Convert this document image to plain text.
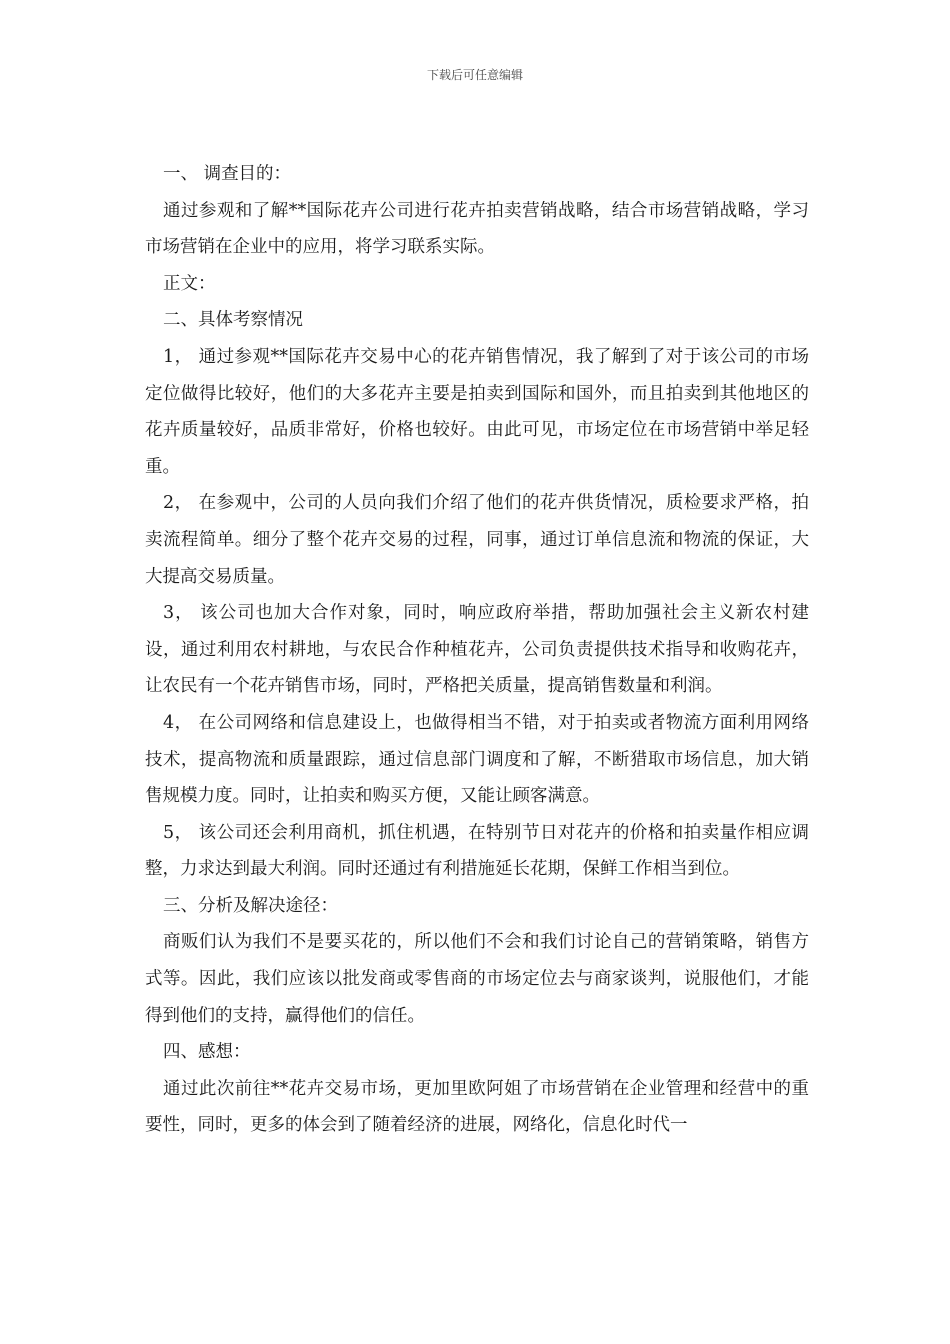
下载后可任意编辑

一、 调查目的：

通过参观和了解**国际花卉公司进行花卉拍卖营销战略，结合市场营销战略，学习市场营销在企业中的应用，将学习联系实际。

正文：

二、具体考察情况

1， 通过参观**国际花卉交易中心的花卉销售情况，我了解到了对于该公司的市场定位做得比较好，他们的大多花卉主要是拍卖到国际和国外，而且拍卖到其他地区的花卉质量较好，品质非常好，价格也较好。由此可见，市场定位在市场营销中举足轻重。

2， 在参观中，公司的人员向我们介绍了他们的花卉供货情况，质检要求严格，拍卖流程简单。细分了整个花卉交易的过程，同事，通过订单信息流和物流的保证，大大提高交易质量。

3， 该公司也加大合作对象，同时，响应政府举措，帮助加强社会主义新农村建设，通过利用农村耕地，与农民合作种植花卉，公司负责提供技术指导和收购花卉，让农民有一个花卉销售市场，同时，严格把关质量，提高销售数量和利润。

4， 在公司网络和信息建设上，也做得相当不错，对于拍卖或者物流方面利用网络技术，提高物流和质量跟踪，通过信息部门调度和了解，不断猎取市场信息，加大销售规模力度。同时，让拍卖和购买方便，又能让顾客满意。

5， 该公司还会利用商机，抓住机遇，在特别节日对花卉的价格和拍卖量作相应调整，力求达到最大利润。同时还通过有利措施延长花期，保鲜工作相当到位。

三、分析及解决途径：

商贩们认为我们不是要买花的，所以他们不会和我们讨论自己的营销策略，销售方式等。因此，我们应该以批发商或零售商的市场定位去与商家谈判，说服他们，才能得到他们的支持，赢得他们的信任。

四、感想：

通过此次前往**花卉交易市场，更加里欧阿姐了市场营销在企业管理和经营中的重要性，同时，更多的体会到了随着经济的进展，网络化，信息化时代一
